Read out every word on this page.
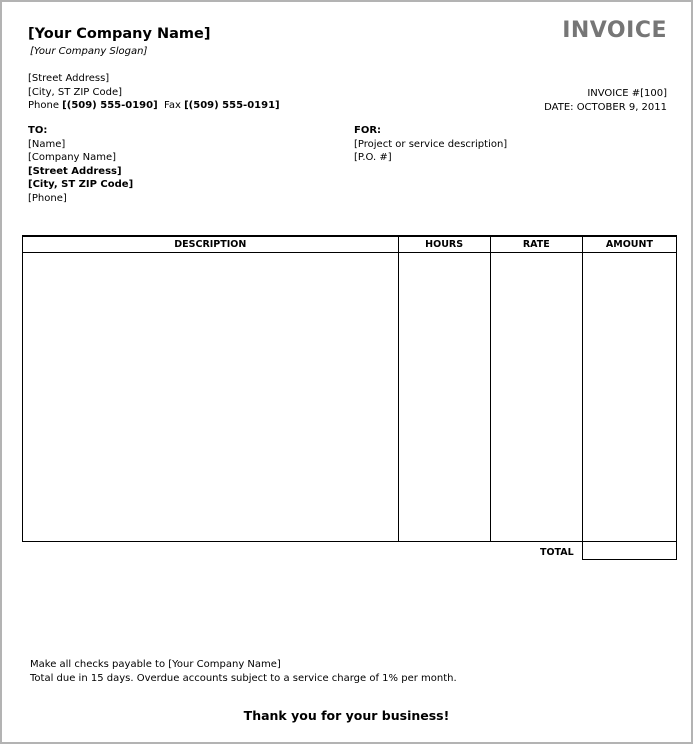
[Your Company Name]
[Your Company Slogan]
INVOICE
[Street Address]
[City, ST ZIP Code]
Phone [(509) 555-0190] Fax [(509) 555-0191]
INVOICE #[100]
DATE: OCTOBER 9, 2011
TO:
[Name]
[Company Name]
[Street Address]
[City, ST ZIP Code]
[Phone]
FOR:
[Project or service description]
[P.O. #]
DESCRIPTION	HOURS	RATE	AMOUNT

TOTAL
Make all checks payable to [Your Company Name]
Total due in 15 days. Overdue accounts subject to a service charge of 1% per month.
Thank you for your business!
